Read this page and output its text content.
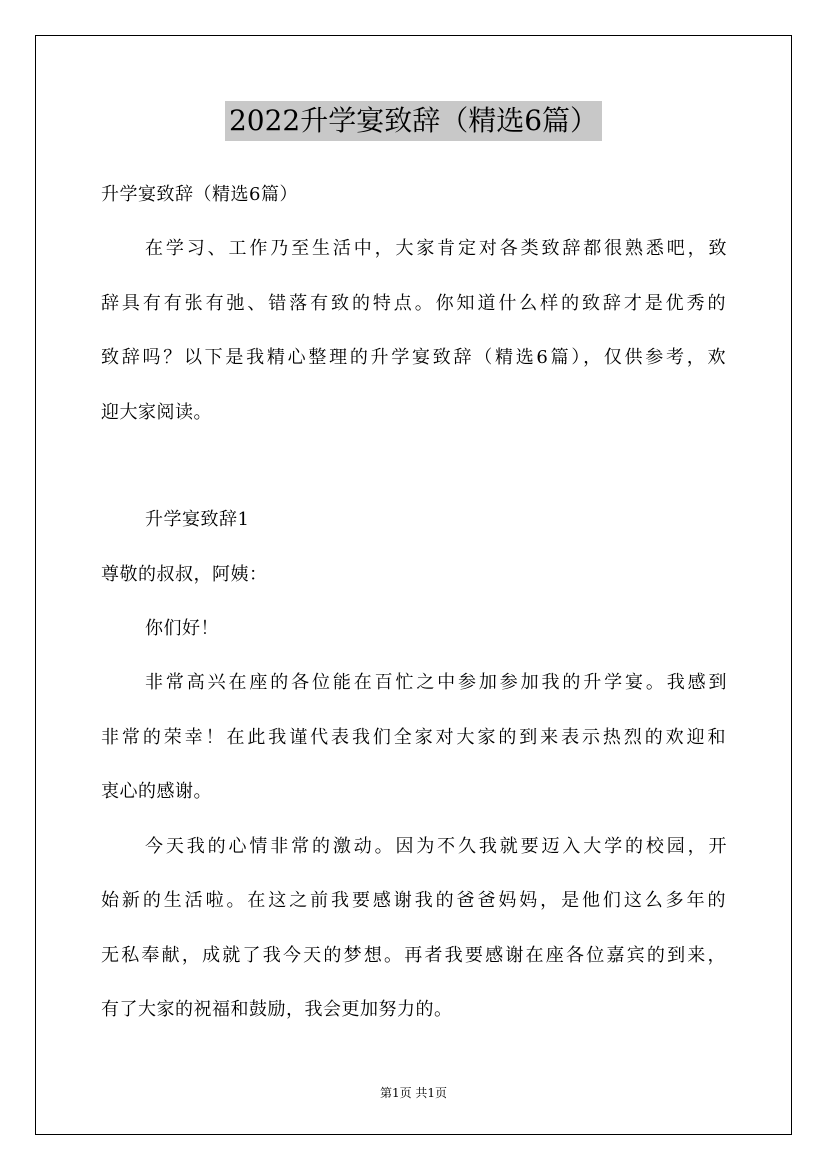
2022升学宴致辞（精选6篇）
升学宴致辞（精选6篇）
在学习、工作乃至生活中，大家肯定对各类致辞都很熟悉吧，致
辞具有有张有弛、错落有致的特点。你知道什么样的致辞才是优秀的
致辞吗？以下是我精心整理的升学宴致辞（精选6篇），仅供参考，欢
迎大家阅读。
升学宴致辞1
尊敬的叔叔，阿姨：
你们好！
非常高兴在座的各位能在百忙之中参加参加我的升学宴。我感到
非常的荣幸！在此我谨代表我们全家对大家的到来表示热烈的欢迎和
衷心的感谢。
今天我的心情非常的激动。因为不久我就要迈入大学的校园，开
始新的生活啦。在这之前我要感谢我的爸爸妈妈，是他们这么多年的
无私奉献，成就了我今天的梦想。再者我要感谢在座各位嘉宾的到来，
有了大家的祝福和鼓励，我会更加努力的。
第1页 共1页
